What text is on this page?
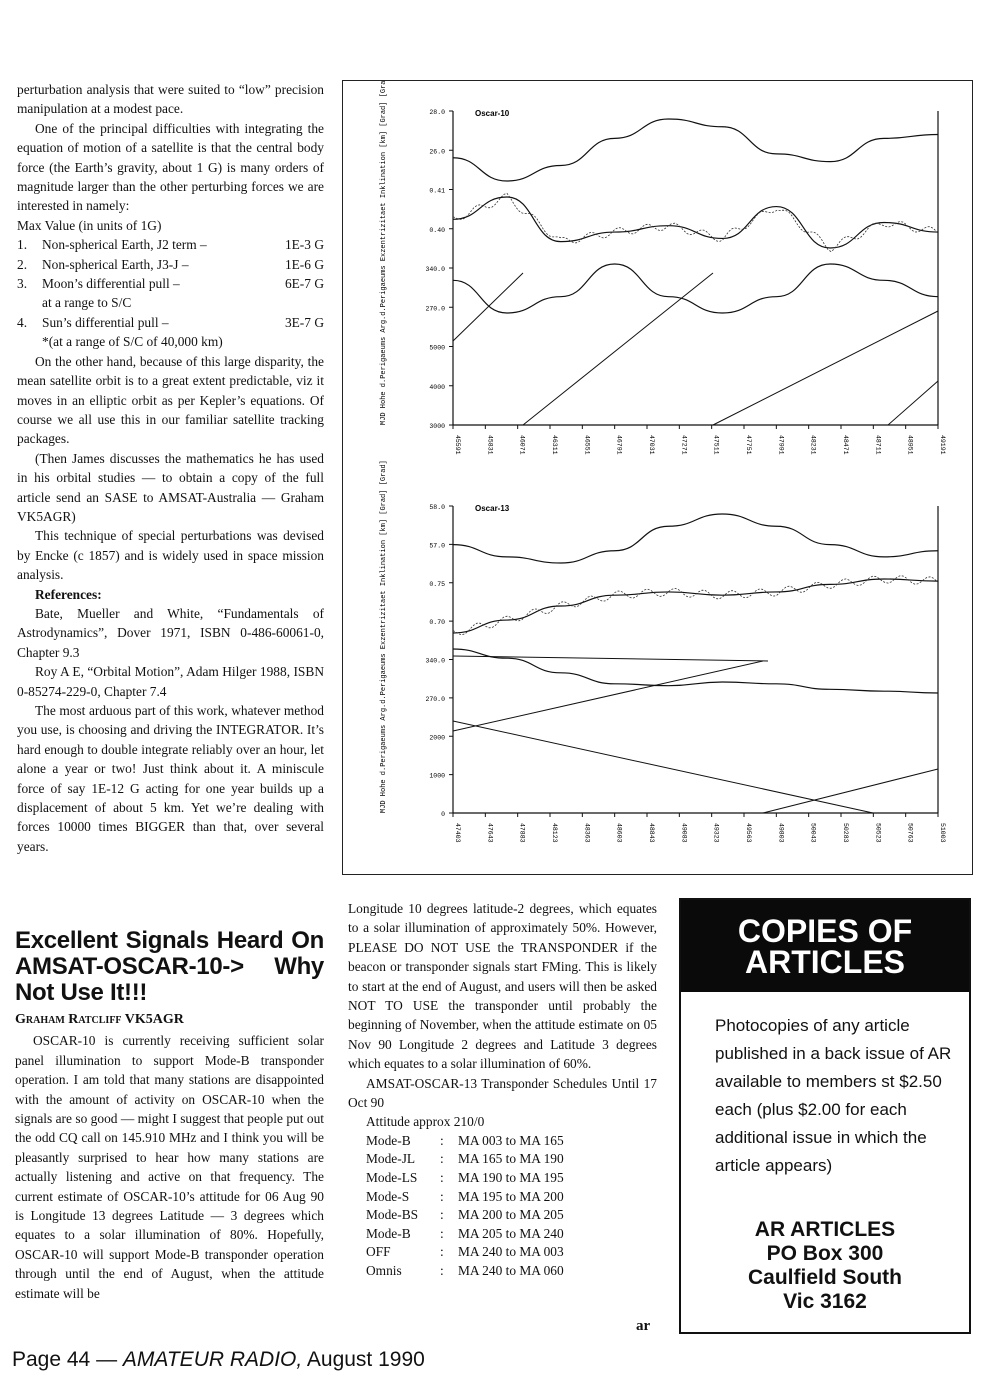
perturbation analysis that were suited to “low” precision manipulation at a modest pace.

One of the principal difficulties with integrating the equation of motion of a satellite is that the central body force (the Earth’s gravity, about 1 G) is many orders of magnitude larger than the other perturbing forces we are interested in namely:

Max Value (in units of 1G)

1.	Non-spherical Earth, J2 term –	1E-3 G
2.	Non-spherical Earth, J3-J –	1E-6 G
3.	Moon’s differential pull –	6E-7 G

at a range to S/C

4.	Sun’s differential pull –	3E-7 G

*(at a range of S/C of 40,000 km)

On the other hand, because of this large disparity, the mean satellite orbit is to a great extent predictable, viz it moves in an elliptic orbit as per Kepler’s equations. Of course we all use this in our familiar satellite tracking packages.

(Then James discusses the mathematics he has used in his orbital studies — to obtain a copy of the full article send an SASE to AMSAT-Australia — Graham VK5AGR)

This technique of special perturbations was devised by Encke (c 1857) and is widely used in space mission analysis.

References:

Bate, Mueller and White, “Fundamentals of Astrodynamics”, Dover 1971, ISBN 0-486-60061-0, Chapter 9.3

Roy A E, “Orbital Motion”, Adam Hilger 1988, ISBN 0-85274-229-0, Chapter 7.4

The most arduous part of this work, whatever method you use, is choosing and driving the INTEGRATOR. It’s hard enough to double integrate reliably over an hour, let alone a year or two! Just think about it. A miniscule force of say 1E-12 G acting for one year builds up a displacement of about 5 km. Yet we’re dealing with forces 10000 times BIGGER than that, over several years.

Excellent Signals Heard On AMSAT-OSCAR-10-> Why Not Use It!!!
Graham Ratcliff VK5AGR

OSCAR-10 is currently receiving sufficient solar panel illumination to support Mode-B transponder operation. I am told that many stations are disappointed with the amount of activity on OSCAR-10 when the signals are so good — might I suggest that people put out the odd CQ call on 145.910 MHz and I think you will be pleasantly surprised to hear how many stations are actually listening and active on that frequency. The current estimate of OSCAR-10’s attitude for 06 Aug 90 is Longitude 13 degrees Latitude — 3 degrees which equates to a solar illumination of 80%. Hopefully, OSCAR-10 will support Mode-B transponder operation through until the end of August, when the attitude estimate will be

Longitude 10 degrees latitude-2 degrees, which equates to a solar illumination of approximately 50%. However, PLEASE DO NOT USE the TRANSPONDER if the beacon or transponder signals start FMing. This is likely to start at the end of August, and users will then be asked NOT TO USE the transponder until probably the beginning of November, when the attitude estimate on 05 Nov 90 Longitude 2 degrees and Latitude 3 degrees which equates to a solar illumination of 60%.

AMSAT-OSCAR-13 Transponder Schedules Until 17 Oct 90

Attitude approx 210/0

Mode-B	:	MA 003 to MA 165
Mode-JL	:	MA 165 to MA 190
Mode-LS	:	MA 190 to MA 195
Mode-S	:	MA 195 to MA 200
Mode-BS	:	MA 200 to MA 205
Mode-B	:	MA 205 to MA 240
OFF	:	MA 240 to MA 003
Omnis	:	MA 240 to MA 060
ar
Oscar-10
MJD Hohe d.Perigaeums Arg.d.Perigaeums Exzentrizitaet Inklination [km] [Grad] [Grad]
3000
4000
5000
270.0
340.0
0.40
0.41
26.0
28.0
45591	45831	46071	46311	46551	46791	47031	47271	47511	47751	47991	48231	48471	48711	48951	49191
Oscar-13
MJD Hohe d.Perigaeums Arg.d.Perigaeums Exzentrizitaet Inklination [km] [Grad] [Grad]
0
1000
2000
270.0
340.0
0.70
0.75
57.0
58.0
47403	47643	47883	48123	48363	48603	48843	49083	49323	49563	49803	50043	50283	50523	50763	51003
COPIES OF
ARTICLES
Photocopies of any article published in a back issue of AR available to members st $2.50 each (plus $2.00 for each additional issue in which the article appears)
AR ARTICLES
PO Box 300
Caulfield South
Vic 3162
Page 44 — AMATEUR RADIO, August 1990
